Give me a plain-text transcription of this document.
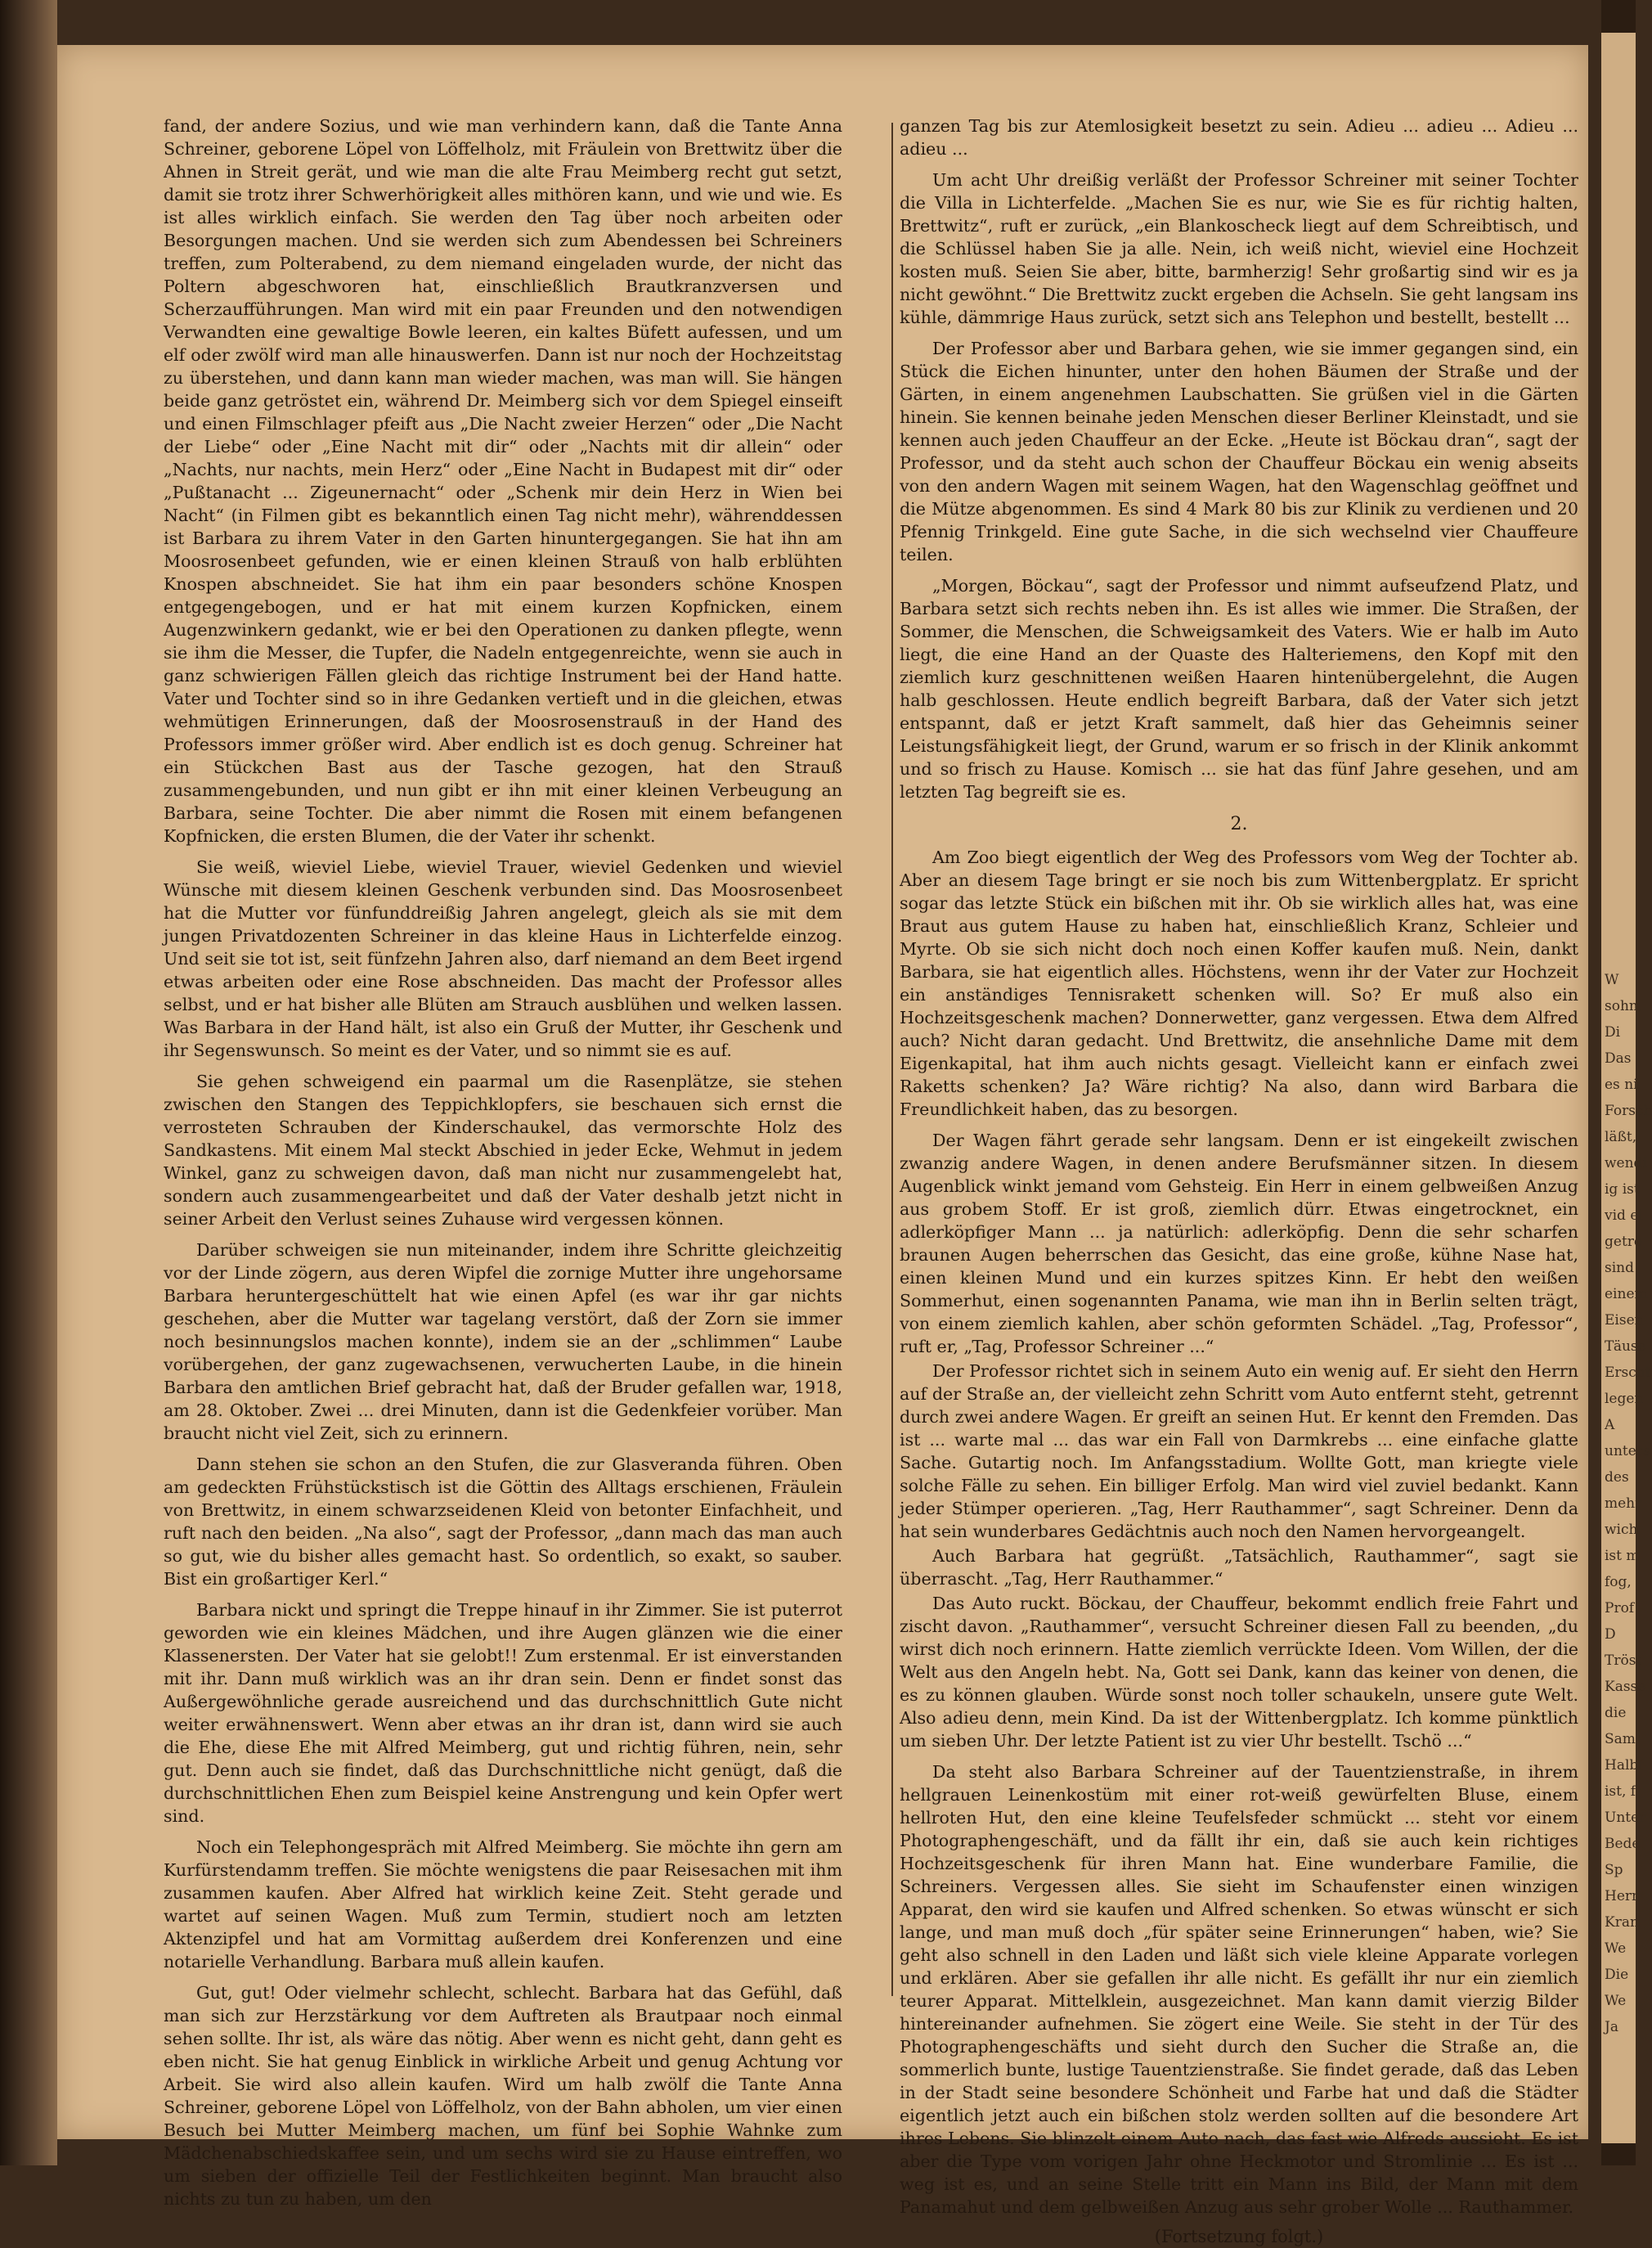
fand, der andere Sozius, und wie man verhindern kann, daß die Tante Anna Schreiner, geborene Löpel von Löffelholz, mit Fräulein von Brettwitz über die Ahnen in Streit gerät, und wie man die alte Frau Meimberg recht gut setzt, damit sie trotz ihrer Schwerhörigkeit alles mithören kann, und wie und wie. Es ist alles wirklich einfach. Sie werden den Tag über noch arbeiten oder Besorgungen machen. Und sie werden sich zum Abendessen bei Schreiners treffen, zum Polterabend, zu dem niemand eingeladen wurde, der nicht das Poltern abgeschworen hat, einschließlich Brautkranzversen und Scherzaufführungen. Man wird mit ein paar Freunden und den notwendigen Verwandten eine gewaltige Bowle leeren, ein kaltes Büfett aufessen, und um elf oder zwölf wird man alle hinauswerfen. Dann ist nur noch der Hochzeitstag zu überstehen, und dann kann man wieder machen, was man will. Sie hängen beide ganz getröstet ein, während Dr. Meimberg sich vor dem Spiegel einseift und einen Filmschlager pfeift aus „Die Nacht zweier Herzen“ oder „Die Nacht der Liebe“ oder „Eine Nacht mit dir“ oder „Nachts mit dir allein“ oder „Nachts, nur nachts, mein Herz“ oder „Eine Nacht in Budapest mit dir“ oder „Pußtanacht ... Zigeunernacht“ oder „Schenk mir dein Herz in Wien bei Nacht“ (in Filmen gibt es bekanntlich einen Tag nicht mehr), währenddessen ist Barbara zu ihrem Vater in den Garten hinuntergegangen. Sie hat ihn am Moosrosenbeet gefunden, wie er einen kleinen Strauß von halb erblühten Knospen abschneidet. Sie hat ihm ein paar besonders schöne Knospen entgegengebogen, und er hat mit einem kurzen Kopfnicken, einem Augenzwinkern gedankt, wie er bei den Operationen zu danken pflegte, wenn sie ihm die Messer, die Tupfer, die Nadeln entgegenreichte, wenn sie auch in ganz schwierigen Fällen gleich das richtige Instrument bei der Hand hatte. Vater und Tochter sind so in ihre Gedanken vertieft und in die gleichen, etwas wehmütigen Erinnerungen, daß der Moosrosenstrauß in der Hand des Professors immer größer wird. Aber endlich ist es doch genug. Schreiner hat ein Stückchen Bast aus der Tasche gezogen, hat den Strauß zusammengebunden, und nun gibt er ihn mit einer kleinen Verbeugung an Barbara, seine Tochter. Die aber nimmt die Rosen mit einem befangenen Kopfnicken, die ersten Blumen, die der Vater ihr schenkt.

Sie weiß, wieviel Liebe, wieviel Trauer, wieviel Gedenken und wieviel Wünsche mit diesem kleinen Geschenk verbunden sind. Das Moosrosenbeet hat die Mutter vor fünfunddreißig Jahren angelegt, gleich als sie mit dem jungen Privatdozenten Schreiner in das kleine Haus in Lichterfelde einzog. Und seit sie tot ist, seit fünfzehn Jahren also, darf niemand an dem Beet irgend etwas arbeiten oder eine Rose abschneiden. Das macht der Professor alles selbst, und er hat bisher alle Blüten am Strauch ausblühen und welken lassen. Was Barbara in der Hand hält, ist also ein Gruß der Mutter, ihr Geschenk und ihr Segenswunsch. So meint es der Vater, und so nimmt sie es auf.

Sie gehen schweigend ein paarmal um die Rasenplätze, sie stehen zwischen den Stangen des Teppichklopfers, sie beschauen sich ernst die verrosteten Schrauben der Kinderschaukel, das vermorschte Holz des Sandkastens. Mit einem Mal steckt Abschied in jeder Ecke, Wehmut in jedem Winkel, ganz zu schweigen davon, daß man nicht nur zusammengelebt hat, sondern auch zusammengearbeitet und daß der Vater deshalb jetzt nicht in seiner Arbeit den Verlust seines Zuhause wird vergessen können.

Darüber schweigen sie nun miteinander, indem ihre Schritte gleichzeitig vor der Linde zögern, aus deren Wipfel die zornige Mutter ihre ungehorsame Barbara heruntergeschüttelt hat wie einen Apfel (es war ihr gar nichts geschehen, aber die Mutter war tagelang verstört, daß der Zorn sie immer noch besinnungslos machen konnte), indem sie an der „schlimmen“ Laube vorübergehen, der ganz zugewachsenen, verwucherten Laube, in die hinein Barbara den amtlichen Brief gebracht hat, daß der Bruder gefallen war, 1918, am 28. Oktober. Zwei ... drei Minuten, dann ist die Gedenkfeier vorüber. Man braucht nicht viel Zeit, sich zu erinnern.

Dann stehen sie schon an den Stufen, die zur Glasveranda führen. Oben am gedeckten Frühstückstisch ist die Göttin des Alltags erschienen, Fräulein von Brettwitz, in einem schwarzseidenen Kleid von betonter Einfachheit, und ruft nach den beiden. „Na also“, sagt der Professor, „dann mach das man auch so gut, wie du bisher alles gemacht hast. So ordentlich, so exakt, so sauber. Bist ein großartiger Kerl.“

Barbara nickt und springt die Treppe hinauf in ihr Zimmer. Sie ist puterrot geworden wie ein kleines Mädchen, und ihre Augen glänzen wie die einer Klassenersten. Der Vater hat sie gelobt!! Zum erstenmal. Er ist einverstanden mit ihr. Dann muß wirklich was an ihr dran sein. Denn er findet sonst das Außergewöhnliche gerade ausreichend und das durchschnittlich Gute nicht weiter erwähnenswert. Wenn aber etwas an ihr dran ist, dann wird sie auch die Ehe, diese Ehe mit Alfred Meimberg, gut und richtig führen, nein, sehr gut. Denn auch sie findet, daß das Durchschnittliche nicht genügt, daß die durchschnittlichen Ehen zum Beispiel keine Anstrengung und kein Opfer wert sind.

Noch ein Telephongespräch mit Alfred Meimberg. Sie möchte ihn gern am Kurfürstendamm treffen. Sie möchte wenigstens die paar Reisesachen mit ihm zusammen kaufen. Aber Alfred hat wirklich keine Zeit. Steht gerade und wartet auf seinen Wagen. Muß zum Termin, studiert noch am letzten Aktenzipfel und hat am Vormittag außerdem drei Konferenzen und eine notarielle Verhandlung. Barbara muß allein kaufen.

Gut, gut! Oder vielmehr schlecht, schlecht. Barbara hat das Gefühl, daß man sich zur Herzstärkung vor dem Auftreten als Brautpaar noch einmal sehen sollte. Ihr ist, als wäre das nötig. Aber wenn es nicht geht, dann geht es eben nicht. Sie hat genug Einblick in wirkliche Arbeit und genug Achtung vor Arbeit. Sie wird also allein kaufen. Wird um halb zwölf die Tante Anna Schreiner, geborene Löpel von Löffelholz, von der Bahn abholen, um vier einen Besuch bei Mutter Meimberg machen, um fünf bei Sophie Wahnke zum Mädchenabschiedskaffee sein, und um sechs wird sie zu Hause eintreffen, wo um sieben der offizielle Teil der Festlichkeiten beginnt. Man braucht also nichts zu tun zu haben, um den

ganzen Tag bis zur Atemlosigkeit besetzt zu sein. Adieu ... adieu ... Adieu ... adieu ...

Um acht Uhr dreißig verläßt der Professor Schreiner mit seiner Tochter die Villa in Lichterfelde. „Machen Sie es nur, wie Sie es für richtig halten, Brettwitz“, ruft er zurück, „ein Blankoscheck liegt auf dem Schreibtisch, und die Schlüssel haben Sie ja alle. Nein, ich weiß nicht, wieviel eine Hochzeit kosten muß. Seien Sie aber, bitte, barmherzig! Sehr großartig sind wir es ja nicht gewöhnt.“ Die Brettwitz zuckt ergeben die Achseln. Sie geht langsam ins kühle, dämmrige Haus zurück, setzt sich ans Telephon und bestellt, bestellt ...

Der Professor aber und Barbara gehen, wie sie immer gegangen sind, ein Stück die Eichen hinunter, unter den hohen Bäumen der Straße und der Gärten, in einem angenehmen Laubschatten. Sie grüßen viel in die Gärten hinein. Sie kennen beinahe jeden Menschen dieser Berliner Kleinstadt, und sie kennen auch jeden Chauffeur an der Ecke. „Heute ist Böckau dran“, sagt der Professor, und da steht auch schon der Chauffeur Böckau ein wenig abseits von den andern Wagen mit seinem Wagen, hat den Wagenschlag geöffnet und die Mütze abgenommen. Es sind 4 Mark 80 bis zur Klinik zu verdienen und 20 Pfennig Trinkgeld. Eine gute Sache, in die sich wechselnd vier Chauffeure teilen.

„Morgen, Böckau“, sagt der Professor und nimmt aufseufzend Platz, und Barbara setzt sich rechts neben ihn. Es ist alles wie immer. Die Straßen, der Sommer, die Menschen, die Schweigsamkeit des Vaters. Wie er halb im Auto liegt, die eine Hand an der Quaste des Halteriemens, den Kopf mit den ziemlich kurz geschnittenen weißen Haaren hintenübergelehnt, die Augen halb geschlossen. Heute endlich begreift Barbara, daß der Vater sich jetzt entspannt, daß er jetzt Kraft sammelt, daß hier das Geheimnis seiner Leistungsfähigkeit liegt, der Grund, warum er so frisch in der Klinik ankommt und so frisch zu Hause. Komisch ... sie hat das fünf Jahre gesehen, und am letzten Tag begreift sie es.

2.

Am Zoo biegt eigentlich der Weg des Professors vom Weg der Tochter ab. Aber an diesem Tage bringt er sie noch bis zum Wittenbergplatz. Er spricht sogar das letzte Stück ein bißchen mit ihr. Ob sie wirklich alles hat, was eine Braut aus gutem Hause zu haben hat, einschließlich Kranz, Schleier und Myrte. Ob sie sich nicht doch noch einen Koffer kaufen muß. Nein, dankt Barbara, sie hat eigentlich alles. Höchstens, wenn ihr der Vater zur Hochzeit ein anständiges Tennisrakett schenken will. So? Er muß also ein Hochzeitsgeschenk machen? Donnerwetter, ganz vergessen. Etwa dem Alfred auch? Nicht daran gedacht. Und Brettwitz, die ansehnliche Dame mit dem Eigenkapital, hat ihm auch nichts gesagt. Vielleicht kann er einfach zwei Raketts schenken? Ja? Wäre richtig? Na also, dann wird Barbara die Freundlichkeit haben, das zu besorgen.

Der Wagen fährt gerade sehr langsam. Denn er ist eingekeilt zwischen zwanzig andere Wagen, in denen andere Berufsmänner sitzen. In diesem Augenblick winkt jemand vom Gehsteig. Ein Herr in einem gelbweißen Anzug aus grobem Stoff. Er ist groß, ziemlich dürr. Etwas eingetrocknet, ein adlerköpfiger Mann ... ja natürlich: adlerköpfig. Denn die sehr scharfen braunen Augen beherrschen das Gesicht, das eine große, kühne Nase hat, einen kleinen Mund und ein kurzes spitzes Kinn. Er hebt den weißen Sommerhut, einen sogenannten Panama, wie man ihn in Berlin selten trägt, von einem ziemlich kahlen, aber schön geformten Schädel. „Tag, Professor“, ruft er, „Tag, Professor Schreiner ...“

Der Professor richtet sich in seinem Auto ein wenig auf. Er sieht den Herrn auf der Straße an, der vielleicht zehn Schritt vom Auto entfernt steht, getrennt durch zwei andere Wagen. Er greift an seinen Hut. Er kennt den Fremden. Das ist ... warte mal ... das war ein Fall von Darmkrebs ... eine einfache glatte Sache. Gutartig noch. Im Anfangsstadium. Wollte Gott, man kriegte viele solche Fälle zu sehen. Ein billiger Erfolg. Man wird viel zuviel bedankt. Kann jeder Stümper operieren. „Tag, Herr Rauthammer“, sagt Schreiner. Denn da hat sein wunderbares Gedächtnis auch noch den Namen hervorgeangelt.

Auch Barbara hat gegrüßt. „Tatsächlich, Rauthammer“, sagt sie überrascht. „Tag, Herr Rauthammer.“

Das Auto ruckt. Böckau, der Chauffeur, bekommt endlich freie Fahrt und zischt davon. „Rauthammer“, versucht Schreiner diesen Fall zu beenden, „du wirst dich noch erinnern. Hatte ziemlich verrückte Ideen. Vom Willen, der die Welt aus den Angeln hebt. Na, Gott sei Dank, kann das keiner von denen, die es zu können glauben. Würde sonst noch toller schaukeln, unsere gute Welt. Also adieu denn, mein Kind. Da ist der Wittenbergplatz. Ich komme pünktlich um sieben Uhr. Der letzte Patient ist zu vier Uhr bestellt. Tschö ...“

Da steht also Barbara Schreiner auf der Tauentzienstraße, in ihrem hellgrauen Leinenkostüm mit einer rot-weiß gewürfelten Bluse, einem hellroten Hut, den eine kleine Teufelsfeder schmückt ... steht vor einem Photographengeschäft, und da fällt ihr ein, daß sie auch kein richtiges Hochzeitsgeschenk für ihren Mann hat. Eine wunderbare Familie, die Schreiners. Vergessen alles. Sie sieht im Schaufenster einen winzigen Apparat, den wird sie kaufen und Alfred schenken. So etwas wünscht er sich lange, und man muß doch „für später seine Erinnerungen“ haben, wie? Sie geht also schnell in den Laden und läßt sich viele kleine Apparate vorlegen und erklären. Aber sie gefallen ihr alle nicht. Es gefällt ihr nur ein ziemlich teurer Apparat. Mittelklein, ausgezeichnet. Man kann damit vierzig Bilder hintereinander aufnehmen. Sie zögert eine Weile. Sie steht in der Tür des Photographengeschäfts und sieht durch den Sucher die Straße an, die sommerlich bunte, lustige Tauentzienstraße. Sie findet gerade, daß das Leben in der Stadt seine besondere Schönheit und Farbe hat und daß die Städter eigentlich jetzt auch ein bißchen stolz werden sollten auf die besondere Art ihres Lebens. Sie blinzelt einem Auto nach, das fast wie Alfreds aussieht. Es ist aber die Type vom vorigen Jahr ohne Heckmotor und Stromlinie ... Es ist ... weg ist es, und an seine Stelle tritt ein Mann ins Bild, der Mann mit dem Panamahut und dem gelbweißen Anzug aus sehr grober Wolle ... Rauthammer.

(Fortsetzung folgt.)
W
sohn,
Di
Das
es ni
Forsch
läßt,
wendi
ig ist
vid ei
getro
sind
einem
Eisen
Täuse
Erscht
legen
A
unters
des
mehr
wich
ist m
fog,
Prof
D
Tröst
Kasse
die
Sam
Halbf
ist, f
Unter
Bede
Sp
Herr
Kran
We
Die
We
Ja
